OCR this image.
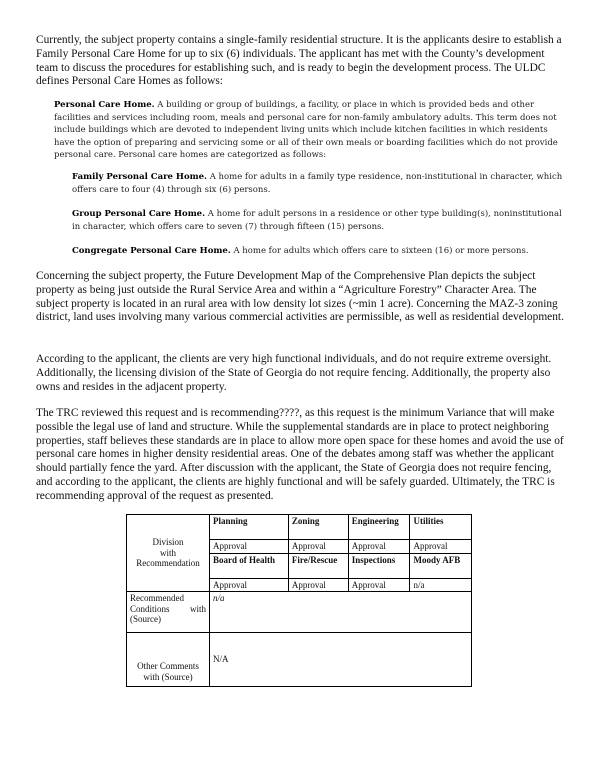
Currently, the subject property contains a single-family residential structure. It is the applicants desire to establish a Family Personal Care Home for up to six (6) individuals. The applicant has met with the County’s development team to discuss the procedures for establishing such, and is ready to begin the development process. The ULDC defines Personal Care Homes as follows:

Personal Care Home. A building or group of buildings, a facility, or place in which is provided beds and other facilities and services including room, meals and personal care for non-family ambulatory adults. This term does not include buildings which are devoted to independent living units which include kitchen facilities in which residents have the option of preparing and servicing some or all of their own meals or boarding facilities which do not provide personal care. Personal care homes are categorized as follows:

Family Personal Care Home. A home for adults in a family type residence, non-institutional in character, which offers care to four (4) through six (6) persons.

Group Personal Care Home. A home for adult persons in a residence or other type building(s), noninstitutional in character, which offers care to seven (7) through fifteen (15) persons.

Congregate Personal Care Home. A home for adults which offers care to sixteen (16) or more persons.

Concerning the subject property, the Future Development Map of the Comprehensive Plan depicts the subject property as being just outside the Rural Service Area and within a “Agriculture Forestry” Character Area. The subject property is located in an rural area with low density lot sizes (~min 1 acre). Concerning the MAZ-3 zoning district, land uses involving many various commercial activities are permissible, as well as residential development.

According to the applicant, the clients are very high functional individuals, and do not require extreme oversight. Additionally, the licensing division of the State of Georgia do not require fencing. Additionally, the property also owns and resides in the adjacent property.

The TRC reviewed this request and is recommending????, as this request is the minimum Variance that will make possible the legal use of land and structure. While the supplemental standards are in place to protect neighboring properties, staff believes these standards are in place to allow more open space for these homes and avoid the use of personal care homes in higher density residential areas. One of the debates among staff was whether the applicant should partially fence the yard. After discussion with the applicant, the State of Georgia does not require fencing, and according to the applicant, the clients are highly functional and will be safely guarded. Ultimately, the TRC is recommending approval of the request as presented.

Division
with
Recommendation	Planning	Zoning	Engineering	Utilities
	Approval	Approval	Approval	Approval
	Board of Health	Fire/Rescue	Inspections	Moody AFB
	Approval	Approval	Approval	n/a

Recommended
Conditions with
(Source)	n/a			

Other Comments
with (Source)	N/A			
